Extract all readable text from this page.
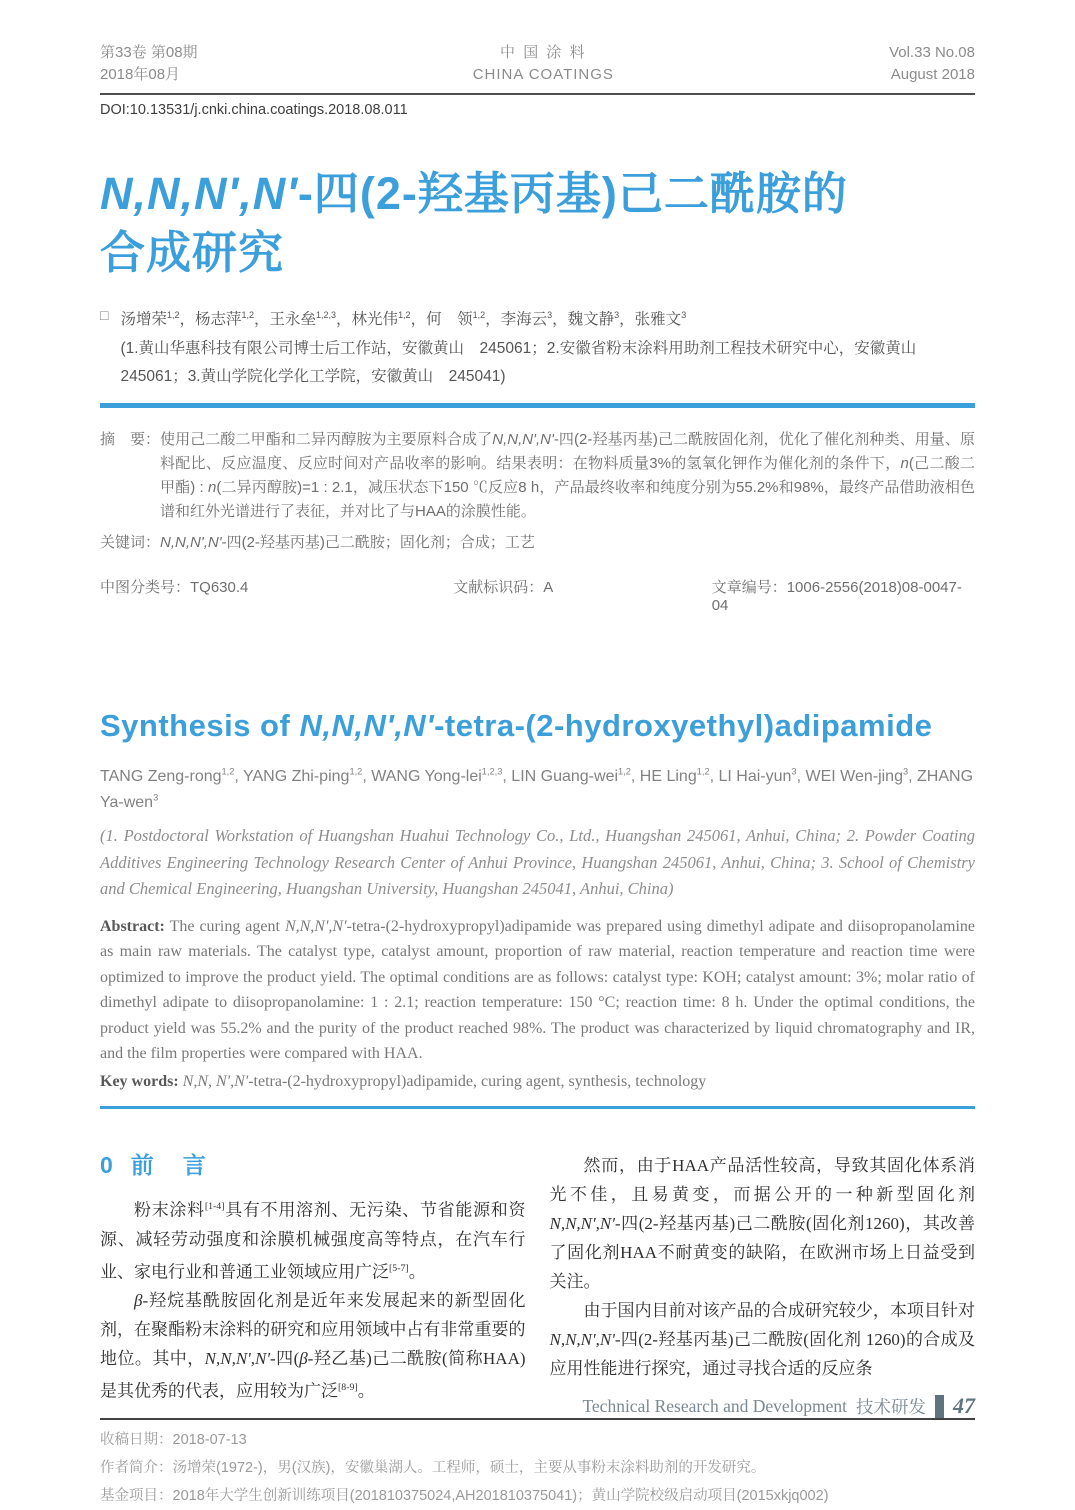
第33卷 第08期
2018年08月
中 国 涂 料
CHINA COATINGS
Vol.33 No.08
August 2018
DOI:10.13531/j.cnki.china.coatings.2018.08.011
N,N,N',N'-四(2-羟基丙基)己二酰胺的
合成研究
□ 汤增荣$^{1,2}$，杨志萍$^{1,2}$，王永垒$^{1,2,3}$，林光伟$^{1,2}$，何　领$^{1,2}$，李海云$^3$，魏文静$^3$，张雅文$^3$
(1.黄山华惠科技有限公司博士后工作站，安徽黄山　245061；2.安徽省粉末涂料用助剂工程技术研究中心，安徽黄山　245061；3.黄山学院化学化工学院，安徽黄山　245041)
摘　要： 使用己二酸二甲酯和二异丙醇胺为主要原料合成了N,N,N',N'-四(2-羟基丙基)己二酰胺固化剂，优化了催化剂种类、用量、原料配比、反应温度、反应时间对产品收率的影响。结果表明：在物料质量3%的氢氧化钾作为催化剂的条件下，n(己二酸二甲酯) : n(二异丙醇胺)=1 : 2.1，减压状态下150 ℃反应8 h，产品最终收率和纯度分别为55.2%和98%，最终产品借助液相色谱和红外光谱进行了表征，并对比了与HAA的涂膜性能。
关键词：N,N,N',N'-四(2-羟基丙基)己二酰胺；固化剂；合成；工艺
中图分类号：TQ630.4	文献标识码：A	文章编号：1006-2556(2018)08-0047-04
Synthesis of N,N,N',N'-tetra-(2-hydroxyethyl)adipamide
TANG Zeng-rong$^{1,2}$, YANG Zhi-ping$^{1,2}$, WANG Yong-lei$^{1,2,3}$, LIN Guang-wei$^{1,2}$, HE Ling$^{1,2}$, LI Hai-yun$^3$, WEI Wen-jing$^3$, ZHANG Ya-wen$^3$
(1. Postdoctoral Workstation of Huangshan Huahui Technology Co., Ltd., Huangshan 245061, Anhui, China; 2. Powder Coating Additives Engineering Technology Research Center of Anhui Province, Huangshan 245061, Anhui, China; 3. School of Chemistry and Chemical Engineering, Huangshan University, Huangshan 245041, Anhui, China)
Abstract: The curing agent N,N,N',N'-tetra-(2-hydroxypropyl)adipamide was prepared using dimethyl adipate and diisopropanolamine as main raw materials. The catalyst type, catalyst amount, proportion of raw material, reaction temperature and reaction time were optimized to improve the product yield. The optimal conditions are as follows: catalyst type: KOH; catalyst amount: 3%; molar ratio of dimethyl adipate to diisopropanolamine: 1 : 2.1; reaction temperature: 150 °C; reaction time: 8 h. Under the optimal conditions, the product yield was 55.2% and the purity of the product reached 98%. The product was characterized by liquid chromatography and IR, and the film properties were compared with HAA.
Key words: N,N, N',N'-tetra-(2-hydroxypropyl)adipamide, curing agent, synthesis, technology
0 前　言

粉末涂料[1-4]具有不用溶剂、无污染、节省能源和资源、减轻劳动强度和涂膜机械强度高等特点，在汽车行业、家电行业和普通工业领域应用广泛[5-7]。

β-羟烷基酰胺固化剂是近年来发展起来的新型固化剂，在聚酯粉末涂料的研究和应用领域中占有非常重要的地位。其中，N,N,N',N'-四(β-羟乙基)己二酰胺(简称HAA)是其优秀的代表，应用较为广泛[8-9]。

然而，由于HAA产品活性较高，导致其固化体系消光不佳，且易黄变，而据公开的一种新型固化剂N,N,N',N'-四(2-羟基丙基)己二酰胺(固化剂1260)，其改善了固化剂HAA不耐黄变的缺陷，在欧洲市场上日益受到关注。

由于国内目前对该产品的合成研究较少，本项目针对N,N,N',N'-四(2-羟基丙基)己二酰胺(固化剂 1260)的合成及应用性能进行探究，通过寻找合适的反应条

收稿日期：2018-07-13
作者简介：汤增荣(1972-)，男(汉族)，安徽巢湖人。工程师，硕士，主要从事粉末涂料助剂的开发研究。
基金项目：2018年大学生创新训练项目(201810375024,AH201810375041)；黄山学院校级启动项目(2015xkjq002)
Technical Research and Development 技术研发 47
